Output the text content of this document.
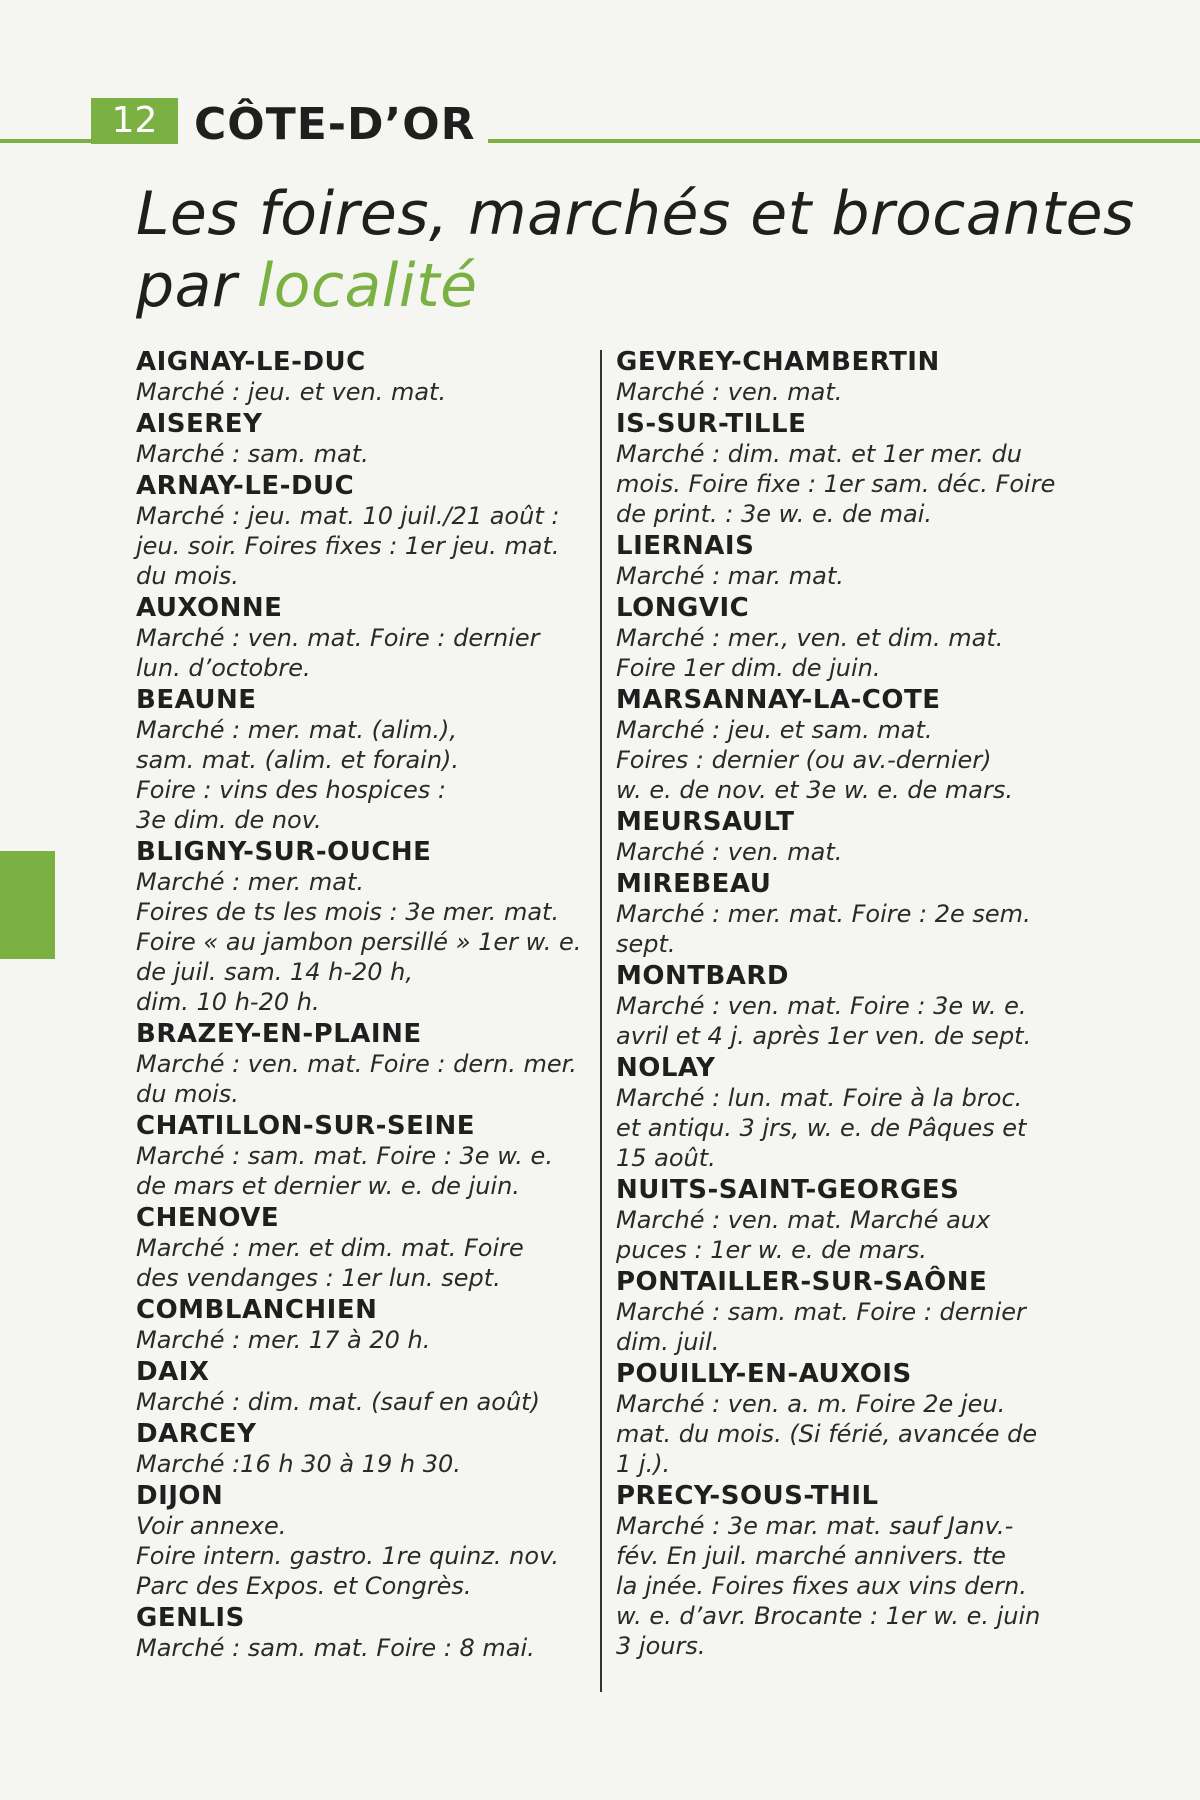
12 CÔTE-D’OR
Les foires, marchés et brocantes
par localité
AIGNAY-LE-DUC
Marché : jeu. et ven. mat.
AISEREY
Marché : sam. mat.
ARNAY-LE-DUC
Marché : jeu. mat. 10 juil./21 août :
jeu. soir. Foires fixes : 1er jeu. mat.
du mois.
AUXONNE
Marché : ven. mat. Foire : dernier
lun. d’octobre.
BEAUNE
Marché : mer. mat. (alim.),
sam. mat. (alim. et forain).
Foire : vins des hospices :
3e dim. de nov.
BLIGNY-SUR-OUCHE
Marché : mer. mat.
Foires de ts les mois : 3e mer. mat.
Foire « au jambon persillé » 1er w. e.
de juil. sam. 14 h-20 h,
dim. 10 h-20 h.
BRAZEY-EN-PLAINE
Marché : ven. mat. Foire : dern. mer.
du mois.
CHATILLON-SUR-SEINE
Marché : sam. mat. Foire : 3e w. e.
de mars et dernier w. e. de juin.
CHENOVE
Marché : mer. et dim. mat. Foire
des vendanges : 1er lun. sept.
COMBLANCHIEN
Marché : mer. 17 à 20 h.
DAIX
Marché : dim. mat. (sauf en août)
DARCEY
Marché :16 h 30 à 19 h 30.
DIJON
Voir annexe.
Foire intern. gastro. 1re quinz. nov.
Parc des Expos. et Congrès.
GENLIS
Marché : sam. mat. Foire : 8 mai.
GEVREY-CHAMBERTIN
Marché : ven. mat.
IS-SUR-TILLE
Marché : dim. mat. et 1er mer. du
mois. Foire fixe : 1er sam. déc. Foire
de print. : 3e w. e. de mai.
LIERNAIS
Marché : mar. mat.
LONGVIC
Marché : mer., ven. et dim. mat.
Foire 1er dim. de juin.
MARSANNAY-LA-COTE
Marché : jeu. et sam. mat.
Foires : dernier (ou av.-dernier)
w. e. de nov. et 3e w. e. de mars.
MEURSAULT
Marché : ven. mat.
MIREBEAU
Marché : mer. mat. Foire : 2e sem.
sept.
MONTBARD
Marché : ven. mat. Foire : 3e w. e.
avril et 4 j. après 1er ven. de sept.
NOLAY
Marché : lun. mat. Foire à la broc.
et antiqu. 3 jrs, w. e. de Pâques et
15 août.
NUITS-SAINT-GEORGES
Marché : ven. mat. Marché aux
puces : 1er w. e. de mars.
PONTAILLER-SUR-SAÔNE
Marché : sam. mat. Foire : dernier
dim. juil.
POUILLY-EN-AUXOIS
Marché : ven. a. m. Foire 2e jeu.
mat. du mois. (Si férié, avancée de
1 j.).
PRECY-SOUS-THIL
Marché : 3e mar. mat. sauf Janv.-
fév. En juil. marché annivers. tte
la jnée. Foires fixes aux vins dern.
w. e. d’avr. Brocante : 1er w. e. juin
3 jours.
